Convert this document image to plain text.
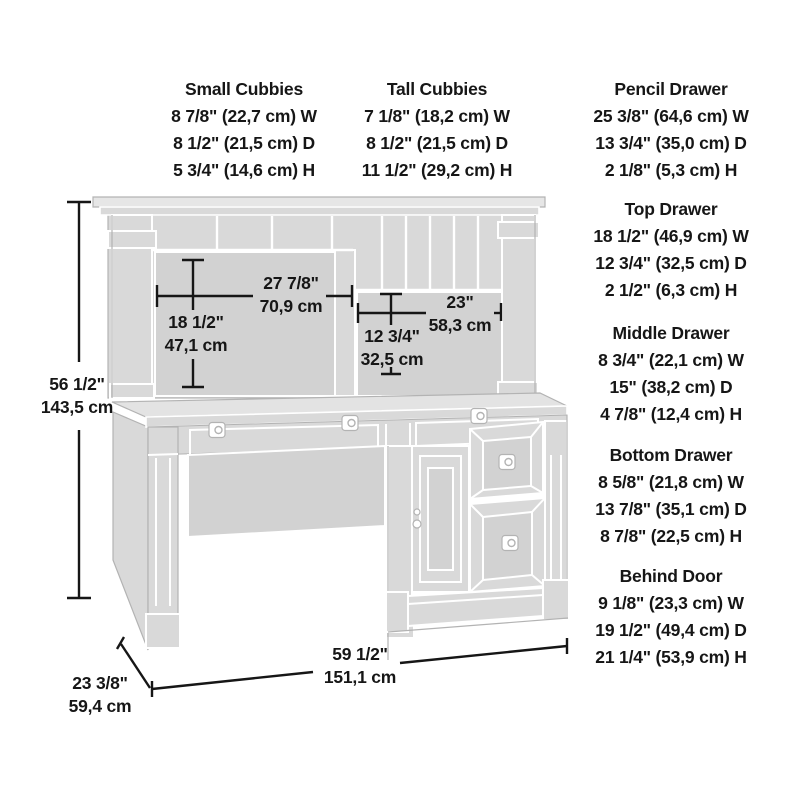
Small Cubbies
8 7/8" (22,7 cm) W
8 1/2" (21,5 cm) D
5 3/4" (14,6 cm) H
Tall Cubbies
7 1/8" (18,2 cm) W
8 1/2" (21,5 cm) D
11 1/2" (29,2 cm) H
Pencil Drawer
25 3/8" (64,6 cm) W
13 3/4" (35,0 cm) D
2 1/8" (5,3 cm) H
Top Drawer
18 1/2" (46,9 cm) W
12 3/4" (32,5 cm) D
2 1/2" (6,3 cm) H
Middle Drawer
8 3/4" (22,1 cm) W
15" (38,2 cm) D
4 7/8" (12,4 cm) H
Bottom Drawer
8 5/8" (21,8 cm) W
13 7/8" (35,1 cm) D
8 7/8" (22,5 cm) H
Behind Door
9 1/8" (23,3 cm) W
19 1/2" (49,4 cm) D
21 1/4" (53,9 cm) H
27 7/8"
70,9 cm
18 1/2"
47,1 cm
23"
58,3 cm
12 3/4"
32,5 cm
56 1/2"
143,5 cm
59 1/2"
151,1 cm
23 3/8"
59,4 cm
